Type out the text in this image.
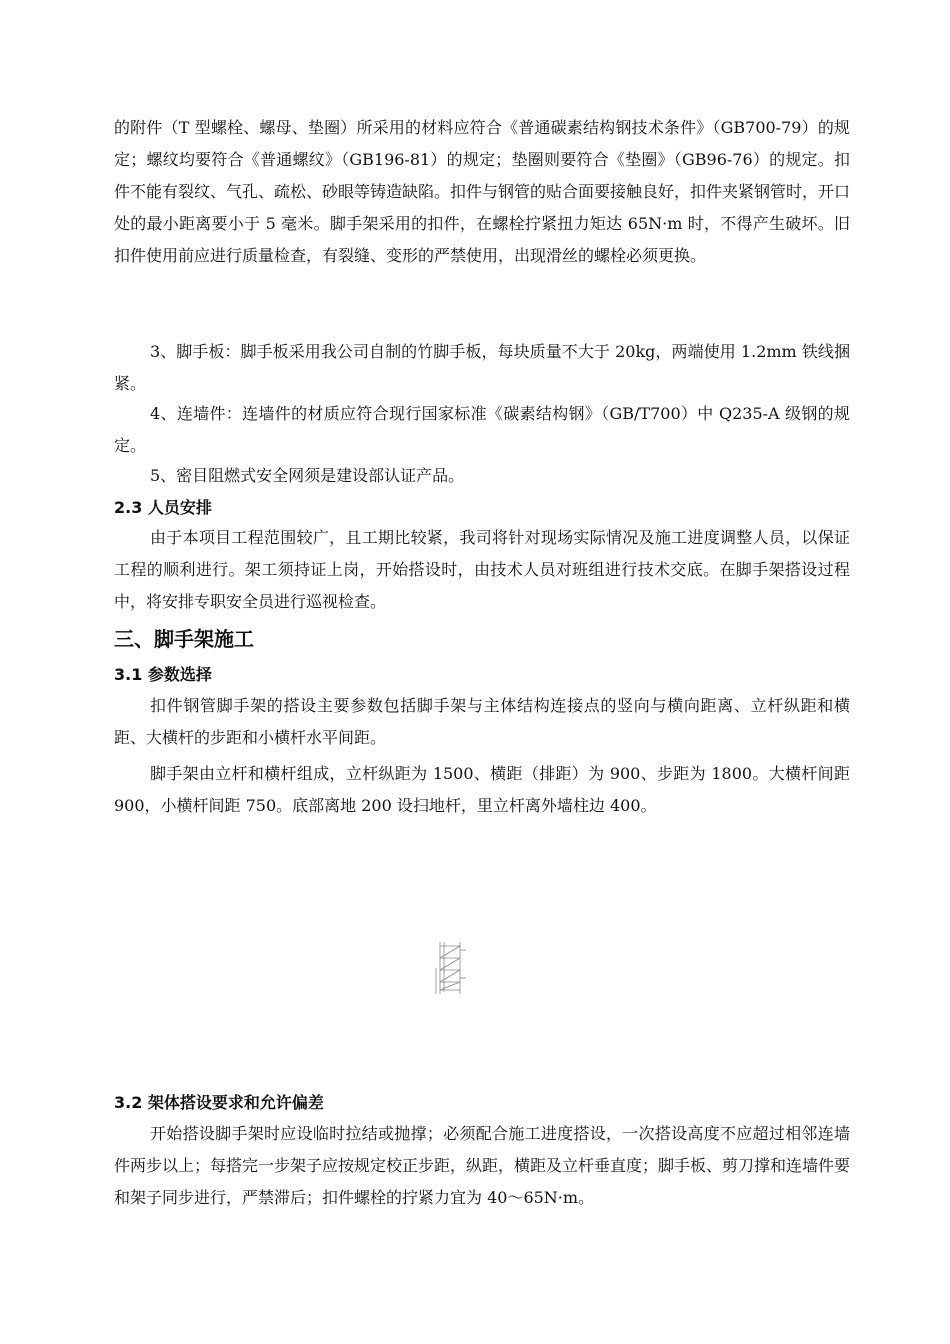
的附件（T 型螺栓、螺母、垫圈）所采用的材料应符合《普通碳素结构钢技术条件》（GB700-79）的规定；螺纹均要符合《普通螺纹》（GB196-81）的规定；垫圈则要符合《垫圈》（GB96-76）的规定。扣件不能有裂纹、气孔、疏松、砂眼等铸造缺陷。扣件与钢管的贴合面要接触良好，扣件夹紧钢管时，开口处的最小距离要小于 5 毫米。脚手架采用的扣件，在螺栓拧紧扭力矩达 65N·m 时，不得产生破坏。旧扣件使用前应进行质量检查，有裂缝、变形的严禁使用，出现滑丝的螺栓必须更换。

3、脚手板：脚手板采用我公司自制的竹脚手板，每块质量不大于 20kg，两端使用 1.2mm 铁线捆紧。

4、连墙件：连墙件的材质应符合现行国家标准《碳素结构钢》（GB/T700）中 Q235-A 级钢的规定。

5、密目阻燃式安全网须是建设部认证产品。

2.3 人员安排

由于本项目工程范围较广，且工期比较紧，我司将针对现场实际情况及施工进度调整人员，以保证工程的顺利进行。架工须持证上岗，开始搭设时，由技术人员对班组进行技术交底。在脚手架搭设过程中，将安排专职安全员进行巡视检查。

三、脚手架施工
3.1 参数选择

扣件钢管脚手架的搭设主要参数包括脚手架与主体结构连接点的竖向与横向距离、立杆纵距和横距、大横杆的步距和小横杆水平间距。

脚手架由立杆和横杆组成，立杆纵距为 1500、横距（排距）为 900、步距为 1800。大横杆间距 900，小横杆间距 750。底部离地 200 设扫地杆，里立杆离外墙柱边 400。

3.2 架体搭设要求和允许偏差

开始搭设脚手架时应设临时拉结或抛撑；必须配合施工进度搭设，一次搭设高度不应超过相邻连墙件两步以上；每搭完一步架子应按规定校正步距，纵距，横距及立杆垂直度；脚手板、剪刀撑和连墙件要和架子同步进行，严禁滞后；扣件螺栓的拧紧力宜为 40～65N·m。
